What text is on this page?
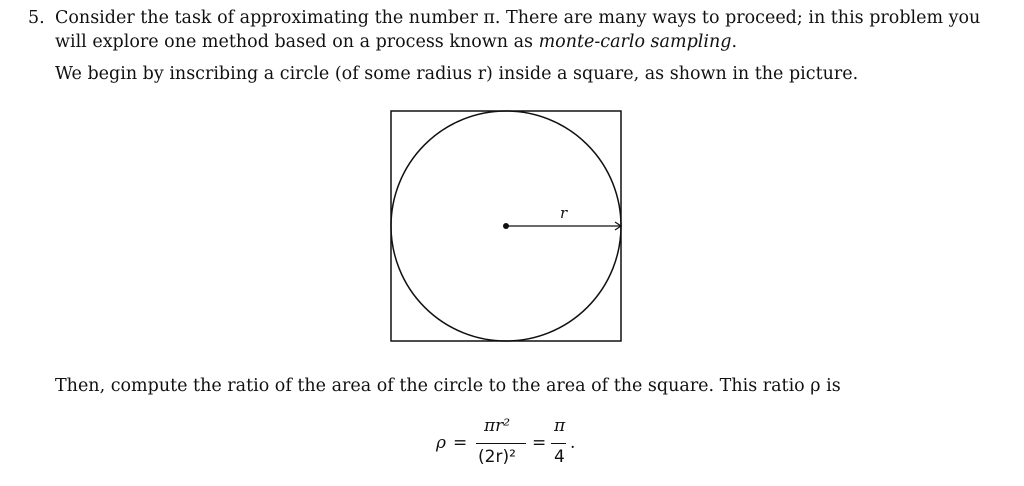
5. Consider the task of approximating the number π. There are many ways to proceed; in this problem you

will explore one method based on a process known as monte-carlo sampling.

We begin by inscribing a circle (of some radius r) inside a square, as shown in the picture.

r

Then, compute the ratio of the area of the circle to the area of the square. This ratio ρ is

ρ =
πr²
(2r)²
=
π
4
.
